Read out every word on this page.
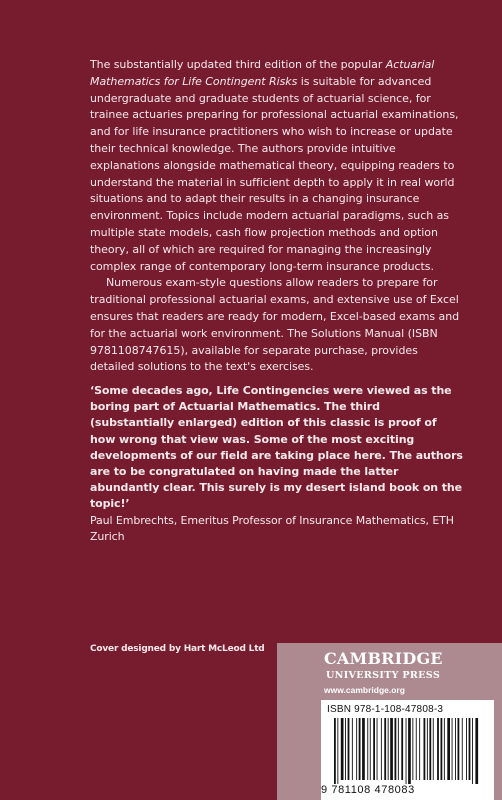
The substantially updated third edition of the popular Actuarial Mathematics for Life Contingent Risks is suitable for advanced undergraduate and graduate students of actuarial science, for trainee actuaries preparing for professional actuarial examinations, and for life insurance practitioners who wish to increase or update their technical knowledge. The authors provide intuitive explanations alongside mathematical theory, equipping readers to understand the material in sufficient depth to apply it in real world situations and to adapt their results in a changing insurance environment. Topics include modern actuarial paradigms, such as multiple state models, cash flow projection methods and option theory, all of which are required for managing the increasingly complex range of contemporary long-term insurance products.

Numerous exam-style questions allow readers to prepare for traditional professional actuarial exams, and extensive use of Excel ensures that readers are ready for modern, Excel-based exams and for the actuarial work environment. The Solutions Manual (ISBN 9781108747615), available for separate purchase, provides detailed solutions to the text's exercises.

‘Some decades ago, Life Contingencies were viewed as the boring part of Actuarial Mathematics. The third (substantially enlarged) edition of this classic is proof of how wrong that view was. Some of the most exciting developments of our field are taking place here. The authors are to be congratulated on having made the latter abundantly clear. This surely is my desert island book on the topic!’

Paul Embrechts, Emeritus Professor of Insurance Mathematics, ETH Zurich

Cover designed by Hart McLeod Ltd	CAMBRIDGE
UNIVERSITY PRESS
www.cambridge.org
ISBN 978-1-108-47808-3
9 781108 478083
